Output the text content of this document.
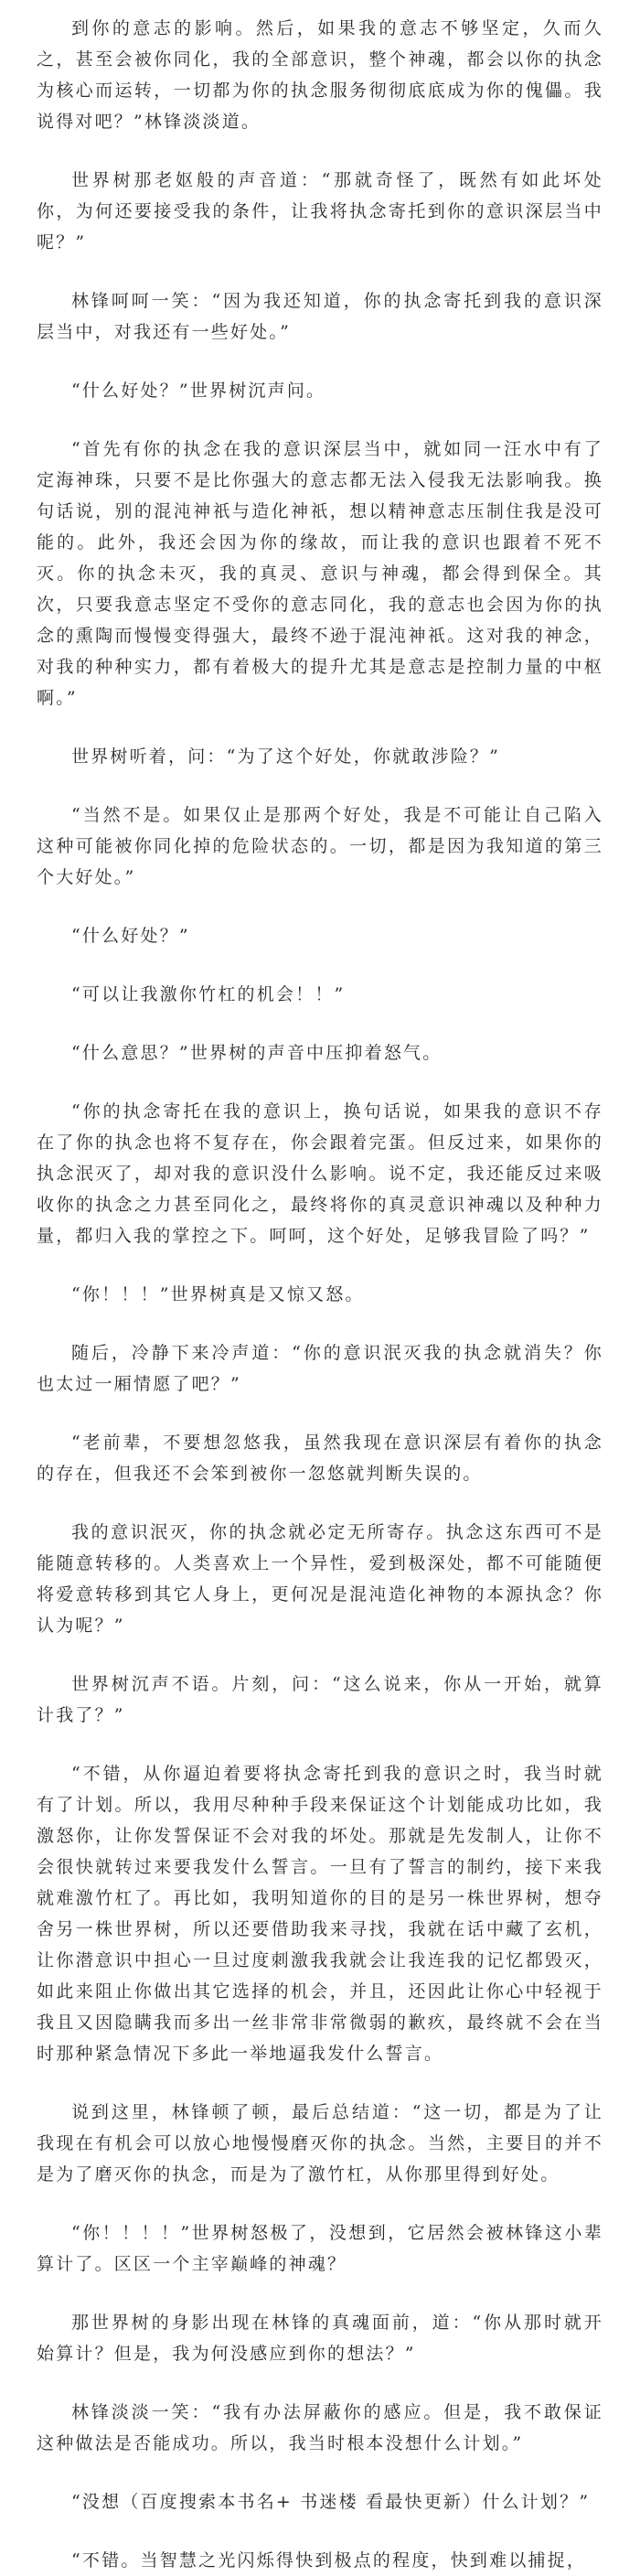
到你的意志的影响。然后，如果我的意志不够坚定，久而久之，甚至会被你同化，我的全部意识，整个神魂，都会以你的执念为核心而运转，一切都为你的执念服务彻彻底底成为你的傀儡。我说得对吧？”林锋淡淡道。

世界树那老妪般的声音道：“那就奇怪了，既然有如此坏处你，为何还要接受我的条件，让我将执念寄托到你的意识深层当中呢？”

林锋呵呵一笑：“因为我还知道，你的执念寄托到我的意识深层当中，对我还有一些好处。”

“什么好处？”世界树沉声问。

“首先有你的执念在我的意识深层当中，就如同一汪水中有了定海神珠，只要不是比你强大的意志都无法入侵我无法影响我。换句话说，别的混沌神祇与造化神祇，想以精神意志压制住我是没可能的。此外，我还会因为你的缘故，而让我的意识也跟着不死不灭。你的执念未灭，我的真灵、意识与神魂，都会得到保全。其次，只要我意志坚定不受你的意志同化，我的意志也会因为你的执念的熏陶而慢慢变得强大，最终不逊于混沌神祇。这对我的神念，对我的种种实力，都有着极大的提升尤其是意志是控制力量的中枢啊。”

世界树听着，问：“为了这个好处，你就敢涉险？”

“当然不是。如果仅止是那两个好处，我是不可能让自己陷入这种可能被你同化掉的危险状态的。一切，都是因为我知道的第三个大好处。”

“什么好处？”

“可以让我激你竹杠的机会！！”

“什么意思？”世界树的声音中压抑着怒气。

“你的执念寄托在我的意识上，换句话说，如果我的意识不存在了你的执念也将不复存在，你会跟着完蛋。但反过来，如果你的执念泯灭了，却对我的意识没什么影响。说不定，我还能反过来吸收你的执念之力甚至同化之，最终将你的真灵意识神魂以及种种力量，都归入我的掌控之下。呵呵，这个好处，足够我冒险了吗？”

“你！！！”世界树真是又惊又怒。

随后，冷静下来冷声道：“你的意识泯灭我的执念就消失？你也太过一厢情愿了吧？”

“老前辈，不要想忽悠我，虽然我现在意识深层有着你的执念的存在，但我还不会笨到被你一忽悠就判断失误的。

我的意识泯灭，你的执念就必定无所寄存。执念这东西可不是能随意转移的。人类喜欢上一个异性，爱到极深处，都不可能随便将爱意转移到其它人身上，更何况是混沌造化神物的本源执念？你认为呢？”

世界树沉声不语。片刻，问：“这么说来，你从一开始，就算计我了？”

“不错，从你逼迫着要将执念寄托到我的意识之时，我当时就有了计划。所以，我用尽种种手段来保证这个计划能成功比如，我激怒你，让你发誓保证不会对我的坏处。那就是先发制人，让你不会很快就转过来要我发什么誓言。一旦有了誓言的制约，接下来我就难激竹杠了。再比如，我明知道你的目的是另一株世界树，想夺舍另一株世界树，所以还要借助我来寻找，我就在话中藏了玄机，让你潜意识中担心一旦过度刺激我我就会让我连我的记忆都毁灭，如此来阻止你做出其它选择的机会，并且，还因此让你心中轻视于我且又因隐瞒我而多出一丝非常非常微弱的歉疚，最终就不会在当时那种紧急情况下多此一举地逼我发什么誓言。

说到这里，林锋顿了顿，最后总结道：“这一切，都是为了让我现在有机会可以放心地慢慢磨灭你的执念。当然，主要目的并不是为了磨灭你的执念，而是为了激竹杠，从你那里得到好处。

“你！！！！”世界树怒极了，没想到，它居然会被林锋这小辈算计了。区区一个主宰巅峰的神魂？

那世界树的身影出现在林锋的真魂面前，道：“你从那时就开始算计？但是，我为何没感应到你的想法？”

林锋淡淡一笑：“我有办法屏蔽你的感应。但是，我不敢保证这种做法是否能成功。所以，我当时根本没想什么计划。”

“没想（百度搜索本书名+ 书迷楼 看最快更新）什么计划？”

“不错。当智慧之光闪烁得快到极点的程度，快到难以捕捉，
